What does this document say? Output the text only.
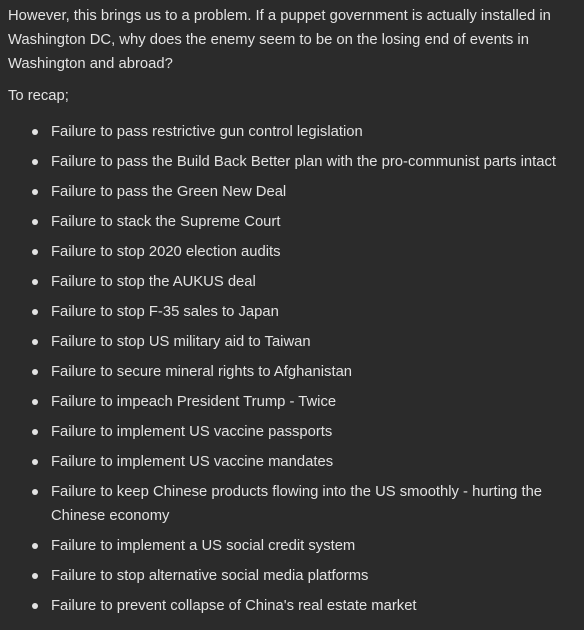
However, this brings us to a problem. If a puppet government is actually installed in Washington DC, why does the enemy seem to be on the losing end of events in Washington and abroad?

To recap;

Failure to pass restrictive gun control legislation
Failure to pass the Build Back Better plan with the pro-communist parts intact
Failure to pass the Green New Deal
Failure to stack the Supreme Court
Failure to stop 2020 election audits
Failure to stop the AUKUS deal
Failure to stop F-35 sales to Japan
Failure to stop US military aid to Taiwan
Failure to secure mineral rights to Afghanistan
Failure to impeach President Trump - Twice
Failure to implement US vaccine passports
Failure to implement US vaccine mandates
Failure to keep Chinese products flowing into the US smoothly - hurting the Chinese economy
Failure to implement a US social credit system
Failure to stop alternative social media platforms
Failure to prevent collapse of China's real estate market
